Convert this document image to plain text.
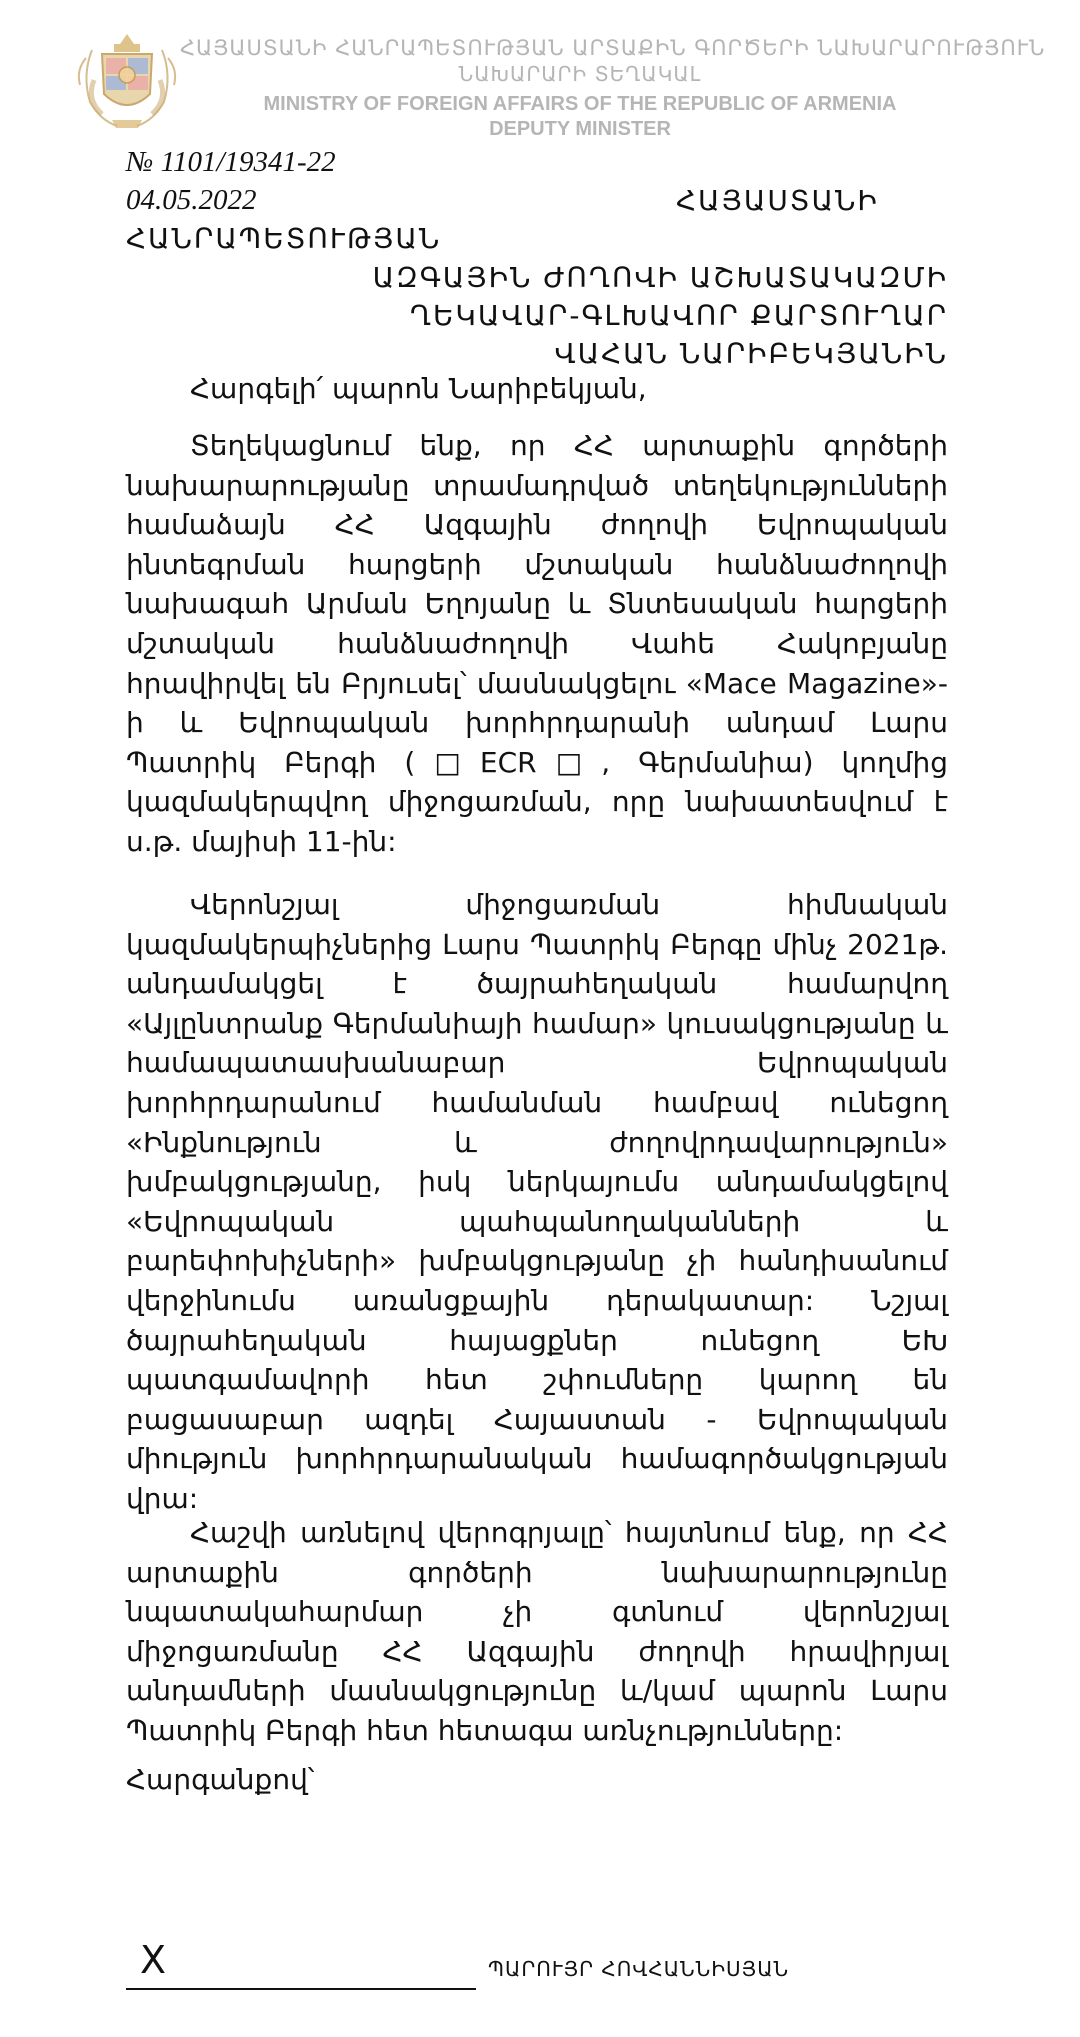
ՀԱՅԱՍՏԱՆԻ ՀԱՆՐԱՊԵՏՈՒԹՅԱՆ ԱՐՏԱՔԻՆ ԳՈՐԾԵՐԻ ՆԱԽԱՐԱՐՈՒԹՅՈՒՆ
ՆԱԽԱՐԱՐԻ ՏԵՂԱԿԱԼ
MINISTRY OF FOREIGN AFFAIRS OF THE REPUBLIC OF ARMENIA
DEPUTY MINISTER
№ 1101/19341-22
04.05.2022	ՀԱՅԱՍՏԱՆԻ
ՀԱՆՐԱՊԵՏՈՒԹՅԱՆ
ԱԶԳԱՅԻՆ ԺՈՂՈՎԻ ԱՇԽԱՏԱԿԱԶՄԻ
ՂԵԿԱՎԱՐ-ԳԼԽԱՎՈՐ ՔԱՐՏՈՒՂԱՐ
ՎԱՀԱՆ ՆԱՐԻԲԵԿՅԱՆԻՆ
Հարգելի՛ պարոն Նարիբեկյան,

Տեղեկացնում ենք, որ ՀՀ արտաքին գործերի նախարարությանը տրամադրված տեղեկությունների համաձայն ՀՀ Ազգային ժողովի Եվրոպական ինտեգրման հարցերի մշտական հանձնաժողովի նախագահ Արման Եղոյանը և Տնտեսական հարցերի մշտական հանձնաժողովի Վահե Հակոբյանը հրավիրվել են Բրյուսել՝ մասնակցելու «Mace Magazine»-ի և Եվրոպական խորհրդարանի անդամ Լարս Պատրիկ Բերգի (□ECR□, Գերմանիա) կողմից կազմակերպվող միջոցառման, որը նախատեսվում է ս.թ. մայիսի 11-ին:

Վերոնշյալ միջոցառման հիմնական կազմակերպիչներից Լարս Պատրիկ Բերգը մինչ 2021թ. անդամակցել է ծայրահեղական համարվող «Այլընտրանք Գերմանիայի համար» կուսակցությանը և համապատասխանաբար Եվրոպական խորհրդարանում համանման համբավ ունեցող «Ինքնություն և ժողովրդավարություն» խմբակցությանը, իսկ ներկայումս անդամակցելով «Եվրոպական պահպանողականների և բարեփոխիչների» խմբակցությանը չի հանդիսանում վերջինումս առանցքային դերակատար: Նշյալ ծայրահեղական հայացքներ ունեցող ԵԽ պատգամավորի հետ շփումները կարող են բացասաբար ազդել Հայաստան - Եվրոպական միություն խորհրդարանական համագործակցության վրա:

Հաշվի առնելով վերոգրյալը՝ հայտնում ենք, որ ՀՀ արտաքին գործերի նախարարությունը նպատակահարմար չի գտնում վերոնշյալ միջոցառմանը ՀՀ Ազգային ժողովի հրավիրյալ անդամների մասնակցությունը և/կամ պարոն Լարս Պատրիկ Բերգի հետ հետագա առնչությունները:

Հարգանքով՝
X	ՊԱՐՈՒՅՐ ՀՈՎՀԱՆՆԻՍՅԱՆ
